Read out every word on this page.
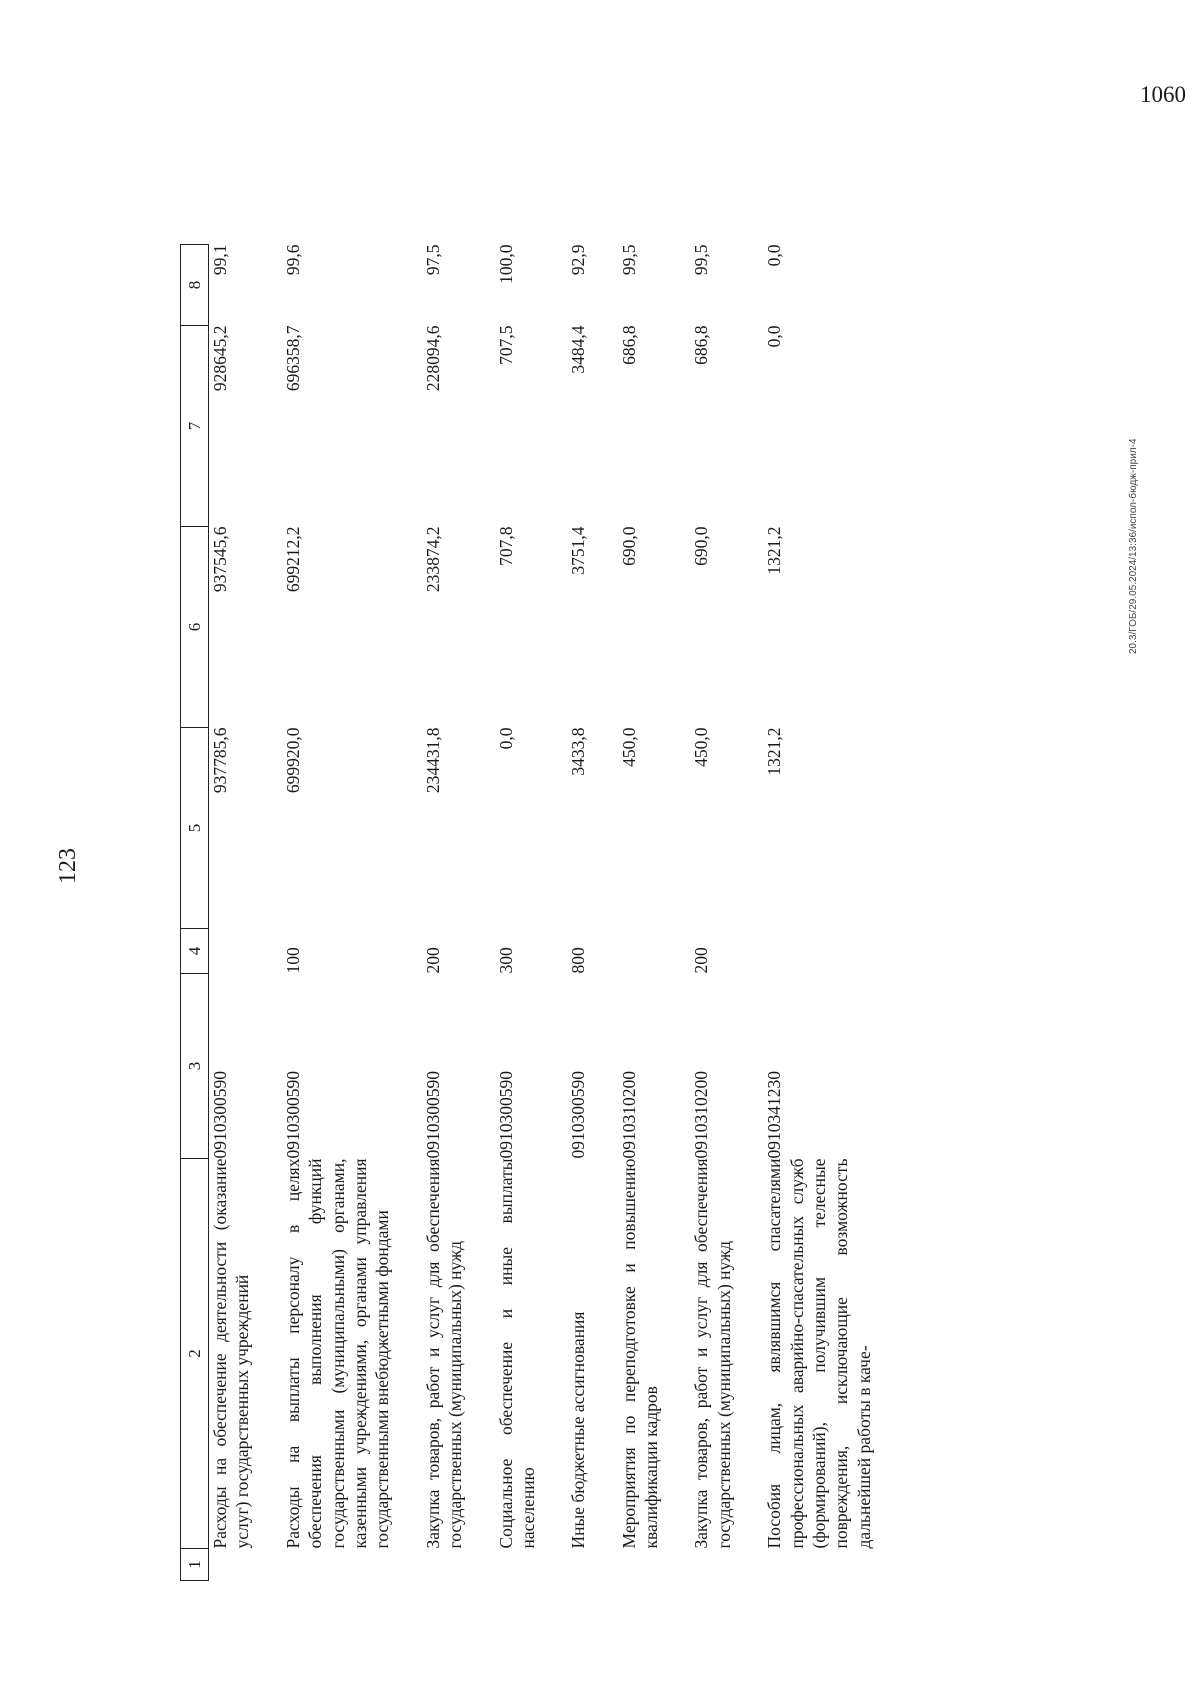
123
1	2	3	4	5	6	7	8
	Расходы на обеспечение деятельности (оказание услуг) государственных учреждений	0910300590		937785,6	937545,6	928645,2	99,1
	Расходы на выплаты персоналу в целях обеспечения выполнения функций государственными (муниципальными) органами, казенными учреждениями, органами управления государственными внебюджетными фондами	0910300590	100	699920,0	699212,2	696358,7	99,6
	Закупка товаров, работ и услуг для обеспечения государственных (муниципальных) нужд	0910300590	200	234431,8	233874,2	228094,6	97,5
	Социальное обеспечение и иные выплаты населению	0910300590	300	0,0	707,8	707,5	100,0
	Иные бюджетные ассигнования	0910300590	800	3433,8	3751,4	3484,4	92,9
	Мероприятия по переподготовке и повышению квалификации кадров	0910310200		450,0	690,0	686,8	99,5
	Закупка товаров, работ и услуг для обеспечения государственных (муниципальных) нужд	0910310200	200	450,0	690,0	686,8	99,5
	Пособия лицам, являвшимся спасателями профессиональных аварийно-спасательных служб (формирований), получившим телесные повреждения, исключающие возможность дальнейшей работы в каче-	0910341230		1321,2	1321,2	0,0	0,0
20.3/ГОБ/29.05.2024/13:36/испол-бюдж-прил-4
1060
